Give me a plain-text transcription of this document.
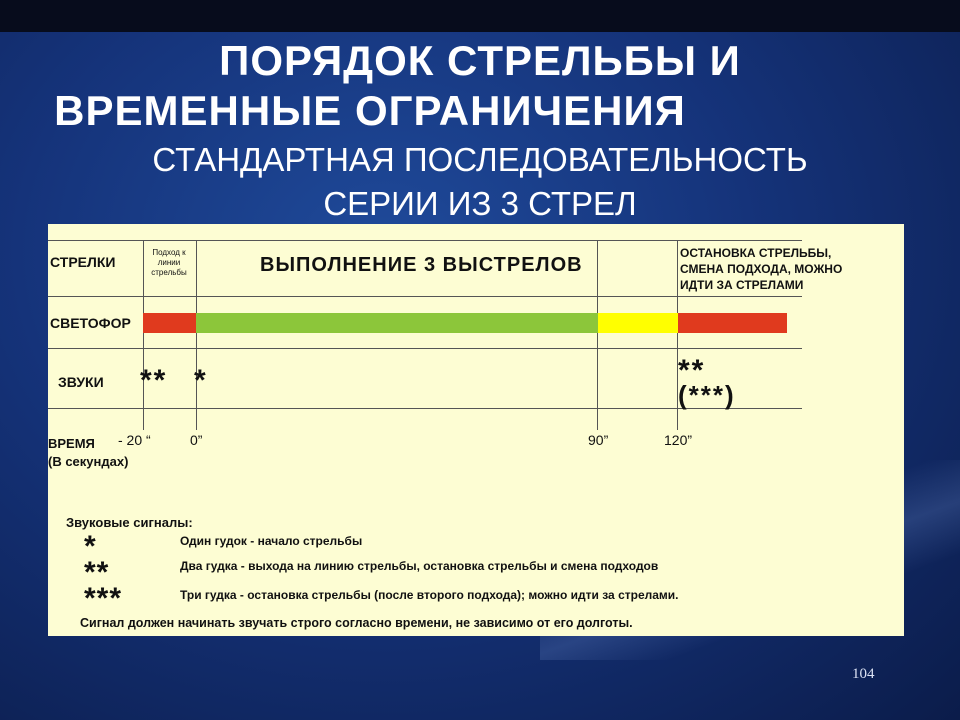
ПОРЯДОК СТРЕЛЬБЫ И
ВРЕМЕННЫЕ ОГРАНИЧЕНИЯ
СТАНДАРТНАЯ ПОСЛЕДОВАТЕЛЬНОСТЬ
СЕРИИ ИЗ 3 СТРЕЛ
СТРЕЛКИ
СВЕТОФОР
ЗВУКИ
ВРЕМЯ
(В секундах)
Подход к линии стрельбы	ВЫПОЛНЕНИЕ 3 ВЫСТРЕЛОВ
ОСТАНОВКА СТРЕЛЬБЫ,
СМЕНА ПОДХОДА, МОЖНО
ИДТИ ЗА СТРЕЛАМИ
** *	**
(***)
- 20 “	0”	90”	120”
Звуковые сигналы:
*	Один гудок - начало стрельбы
**	Два гудка - выхода на линию стрельбы, остановка стрельбы и смена подходов
***	Три гудка - остановка стрельбы (после второго подхода); можно идти за стрелами.
Сигнал должен начинать звучать строго согласно времени, не зависимо от его долготы.
104
